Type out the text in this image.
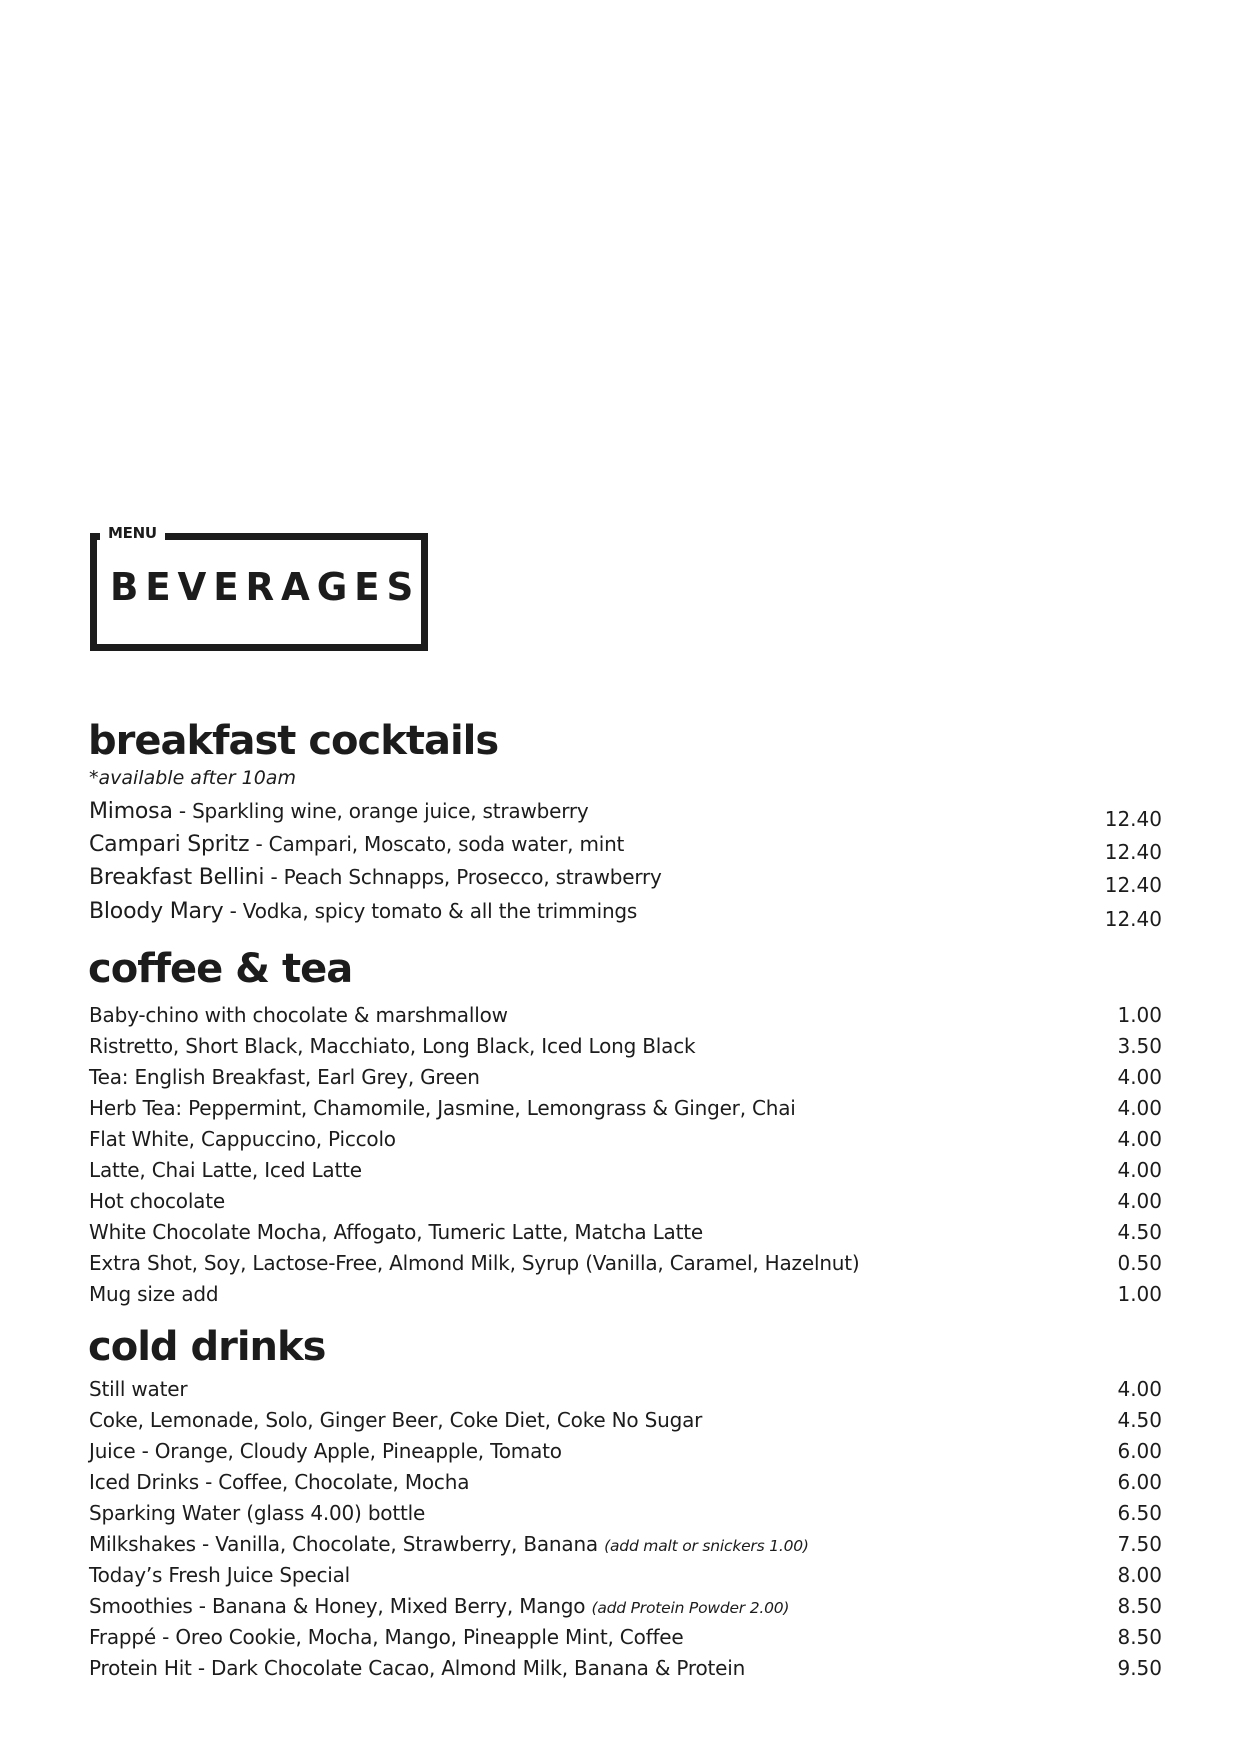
MENU
BEVERAGES
breakfast cocktails
*available after 10am
Mimosa - Sparkling wine, orange juice, strawberry	12.40
Campari Spritz - Campari, Moscato, soda water, mint	12.40
Breakfast Bellini - Peach Schnapps, Prosecco, strawberry	12.40
Bloody Mary - Vodka, spicy tomato & all the trimmings	12.40
coffee & tea
Baby-chino with chocolate & marshmallow	1.00
Ristretto, Short Black, Macchiato, Long Black, Iced Long Black	3.50
Tea: English Breakfast, Earl Grey, Green	4.00
Herb Tea: Peppermint, Chamomile, Jasmine, Lemongrass & Ginger, Chai	4.00
Flat White, Cappuccino, Piccolo	4.00
Latte, Chai Latte, Iced Latte	4.00
Hot chocolate	4.00
White Chocolate Mocha, Affogato, Tumeric Latte, Matcha Latte	4.50
Extra Shot, Soy, Lactose-Free, Almond Milk, Syrup (Vanilla, Caramel, Hazelnut)	0.50
Mug size add	1.00
cold drinks
Still water	4.00
Coke, Lemonade, Solo, Ginger Beer, Coke Diet, Coke No Sugar	4.50
Juice - Orange, Cloudy Apple, Pineapple, Tomato	6.00
Iced Drinks - Coffee, Chocolate, Mocha	6.00
Sparking Water (glass 4.00) bottle	6.50
Milkshakes - Vanilla, Chocolate, Strawberry, Banana (add malt or snickers 1.00)	7.50
Today’s Fresh Juice Special	8.00
Smoothies - Banana & Honey, Mixed Berry, Mango (add Protein Powder 2.00)	8.50
Frappé - Oreo Cookie, Mocha, Mango, Pineapple Mint, Coffee	8.50
Protein Hit - Dark Chocolate Cacao, Almond Milk, Banana & Protein	9.50
